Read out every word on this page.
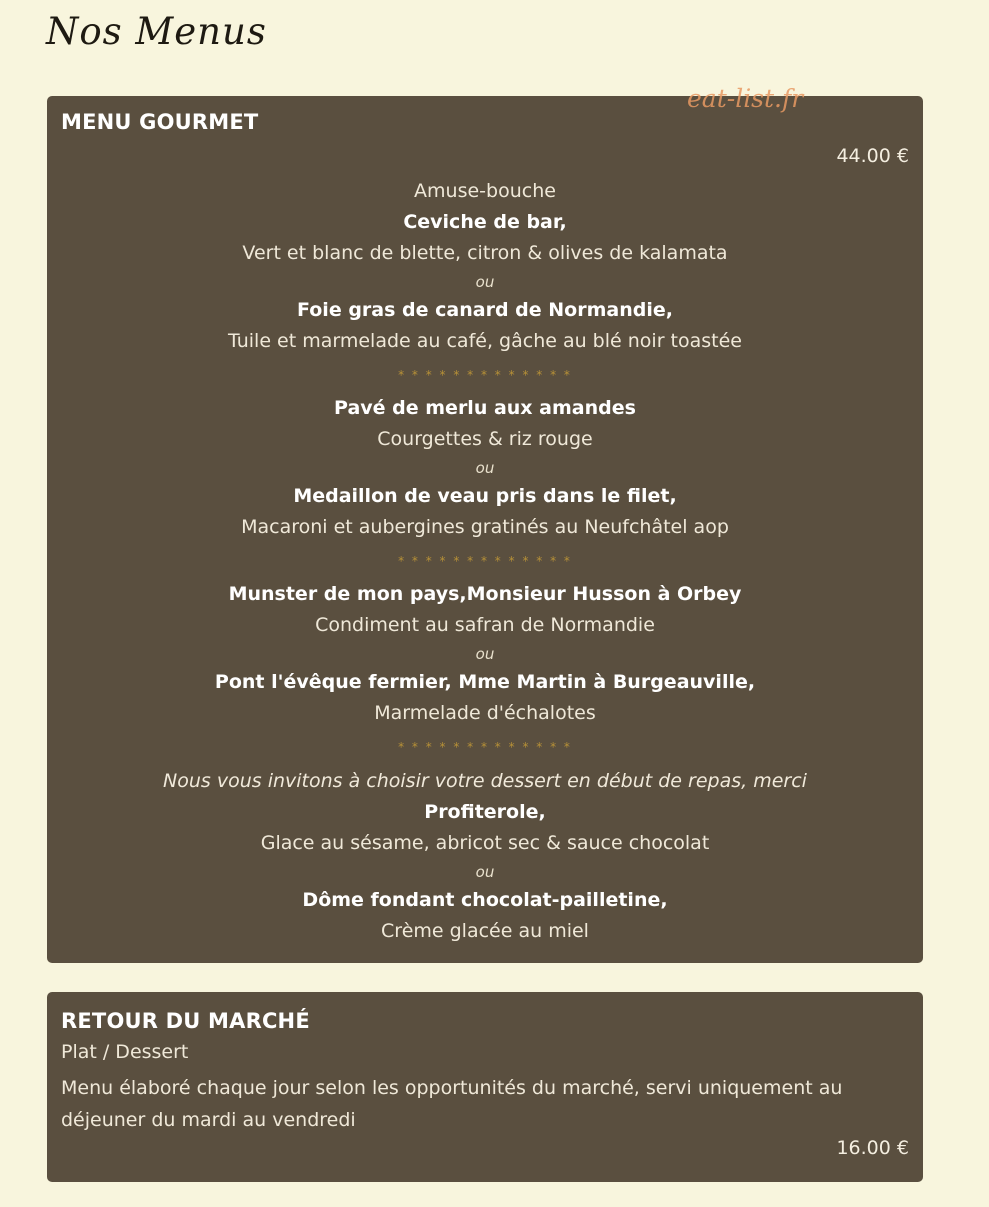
Nos Menus
eat-list.fr
MENU GOURMET
44.00 €
Amuse-bouche
Ceviche de bar,
Vert et blanc de blette, citron & olives de kalamata
ou
Foie gras de canard de Normandie,
Tuile et marmelade au café, gâche au blé noir toastée
* * * * * * * * * * * * *
Pavé de merlu aux amandes
Courgettes & riz rouge
ou
Medaillon de veau pris dans le filet,
Macaroni et aubergines gratinés au Neufchâtel aop
* * * * * * * * * * * * *
Munster de mon pays,Monsieur Husson à Orbey
Condiment au safran de Normandie
ou
Pont l'évêque fermier, Mme Martin à Burgeauville,
Marmelade d'échalotes
* * * * * * * * * * * * *
Nous vous invitons à choisir votre dessert en début de repas, merci
Profiterole,
Glace au sésame, abricot sec & sauce chocolat
ou
Dôme fondant chocolat-pailletine,
Crème glacée au miel
RETOUR DU MARCHÉ
Plat / Dessert
Menu élaboré chaque jour selon les opportunités du marché, servi uniquement au déjeuner du mardi au vendredi
16.00 €
